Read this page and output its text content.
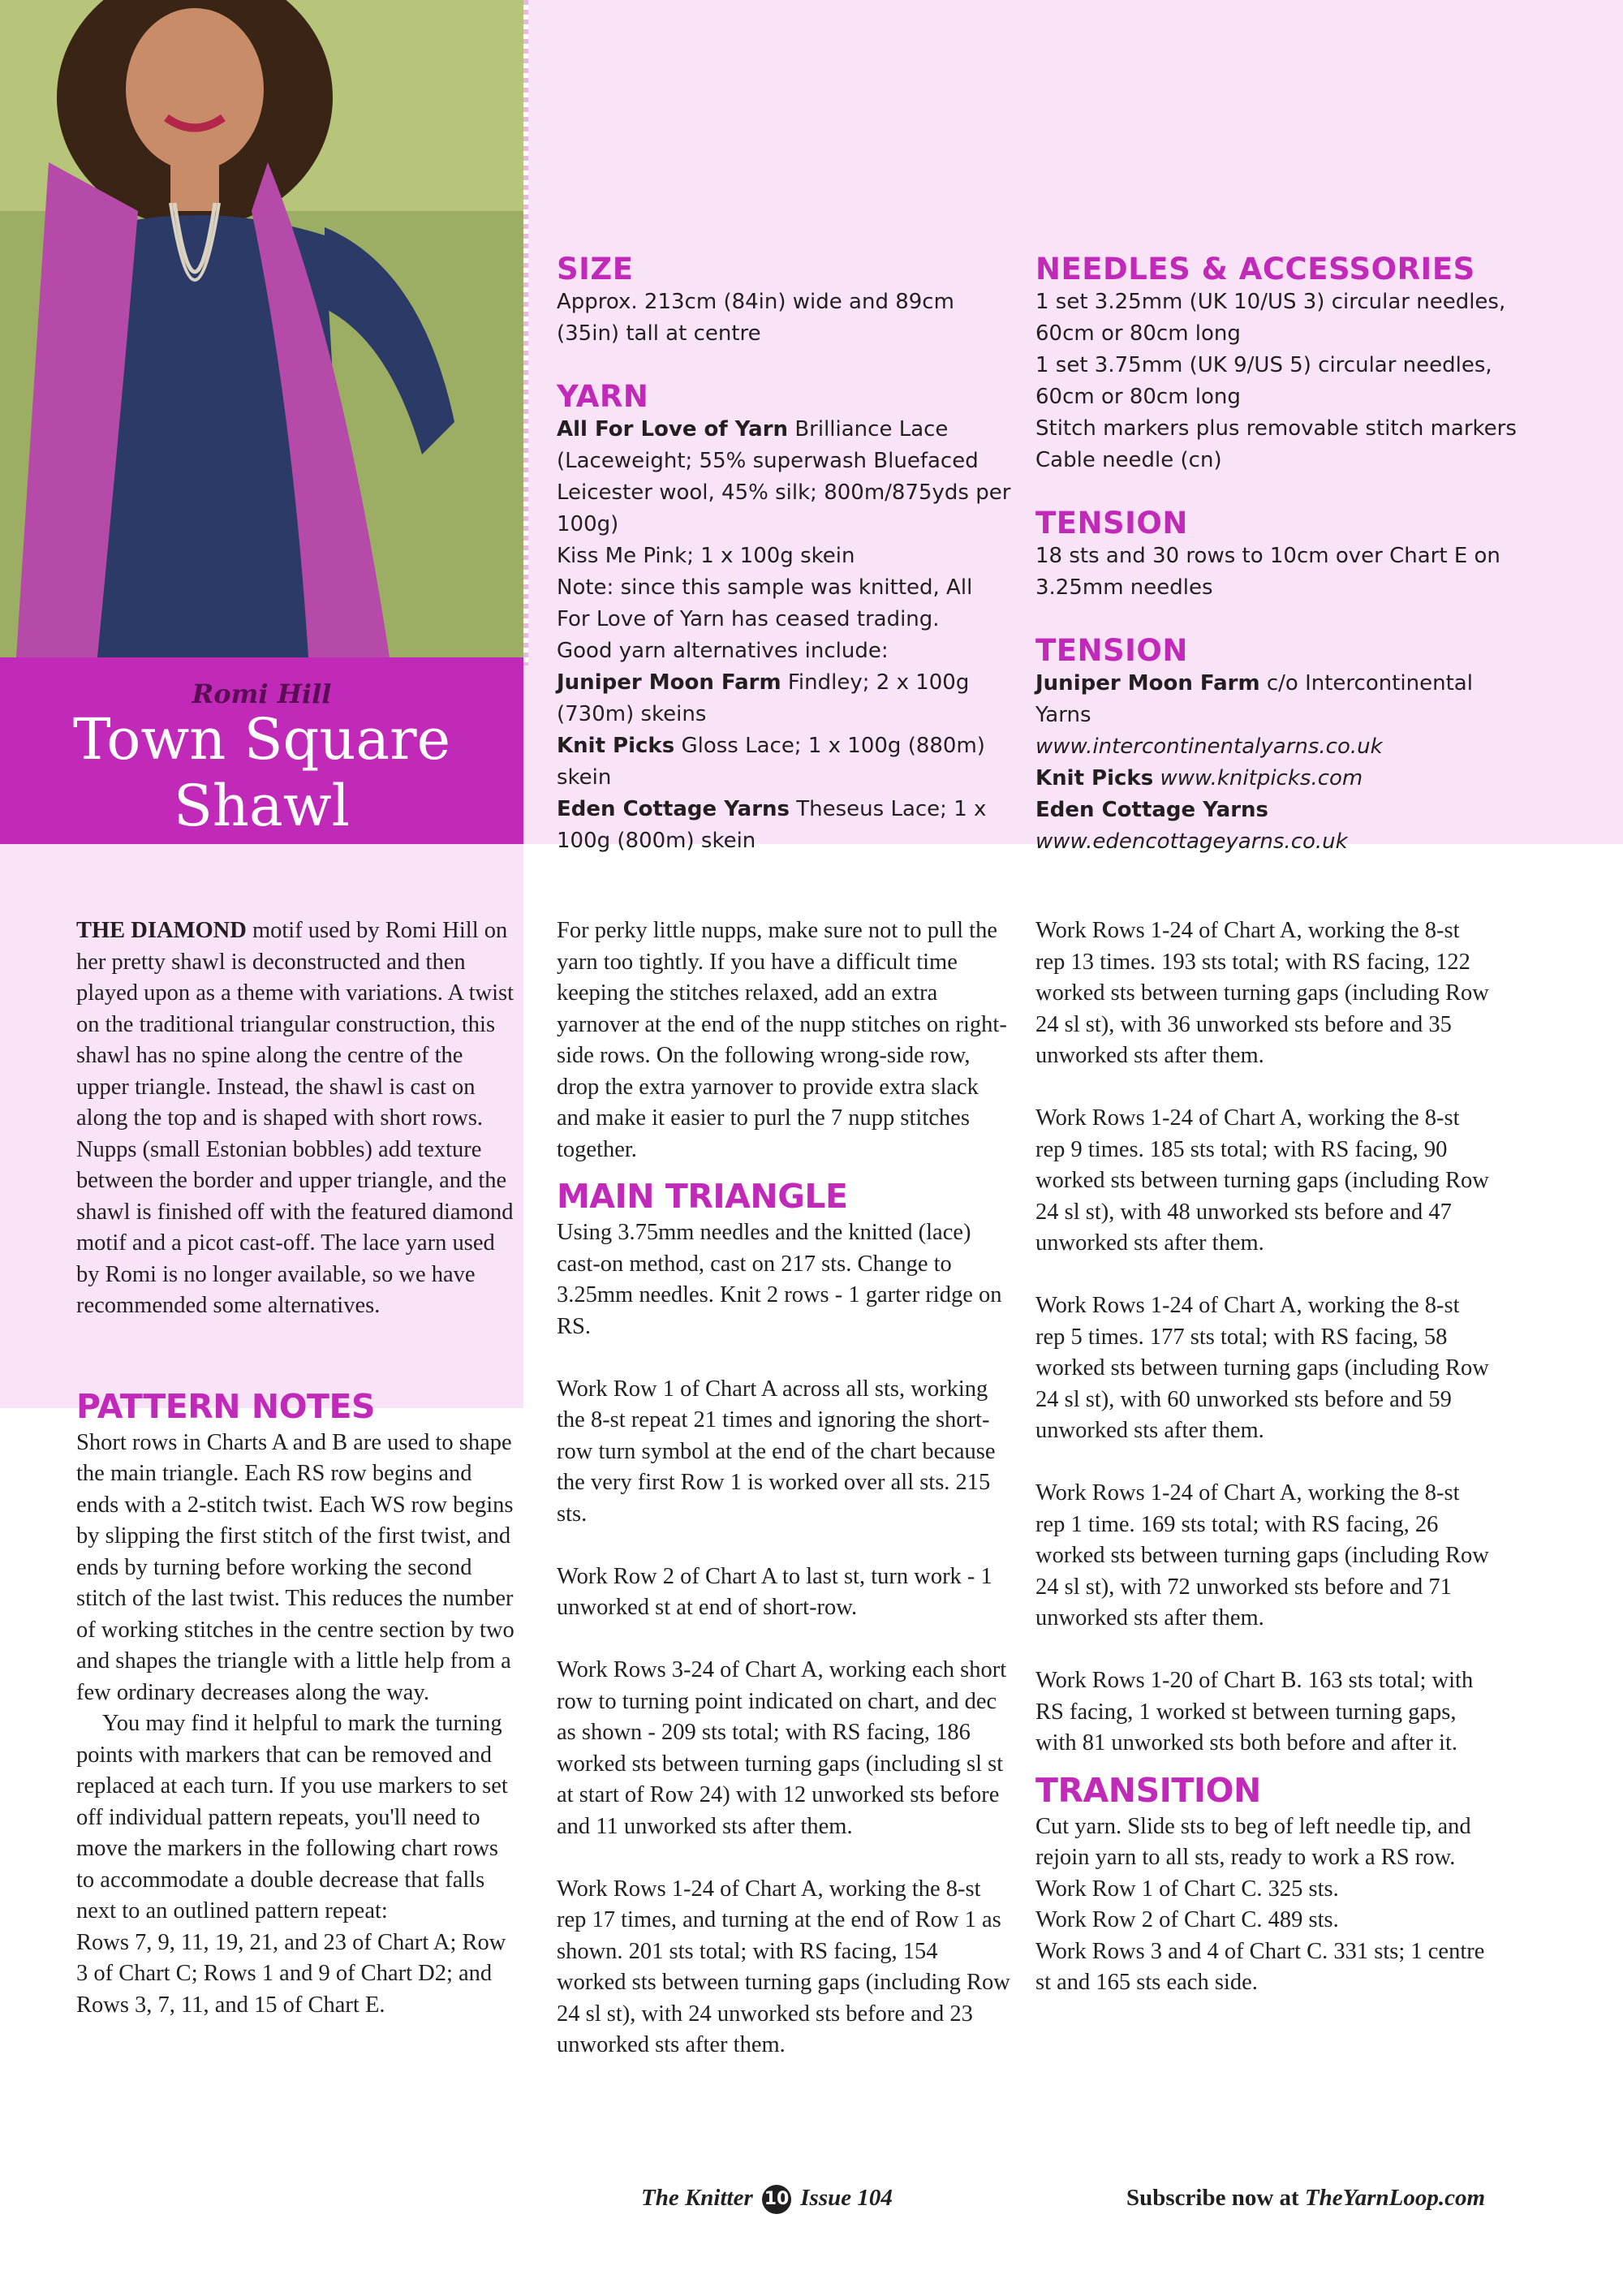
Romi Hill
Town Square
Shawl
SIZE

Approx. 213cm (84in) wide and 89cm (35in) tall at centre

YARN

All For Love of Yarn Brilliance Lace (Laceweight; 55% superwash Bluefaced Leicester wool, 45% silk; 800m/875yds per 100g)

Kiss Me Pink; 1 x 100g skein

Note: since this sample was knitted, All For Love of Yarn has ceased trading.

Good yarn alternatives include:

Juniper Moon Farm Findley; 2 x 100g (730m) skeins

Knit Picks Gloss Lace; 1 x 100g (880m) skein

Eden Cottage Yarns Theseus Lace; 1 x 100g (800m) skein

NEEDLES & ACCESSORIES

1 set 3.25mm (UK 10/US 3) circular needles, 60cm or 80cm long

1 set 3.75mm (UK 9/US 5) circular needles, 60cm or 80cm long

Stitch markers plus removable stitch markers

Cable needle (cn)

TENSION

18 sts and 30 rows to 10cm over Chart E on 3.25mm needles

TENSION

Juniper Moon Farm c/o Intercontinental Yarns
www.intercontinentalyarns.co.uk

Knit Picks www.knitpicks.com

Eden Cottage Yarns www.edencottageyarns.co.uk

THE DIAMOND motif used by Romi Hill on her pretty shawl is deconstructed and then played upon as a theme with variations. A twist on the traditional triangular construction, this shawl has no spine along the centre of the upper triangle. Instead, the shawl is cast on along the top and is shaped with short rows. Nupps (small Estonian bobbles) add texture between the border and upper triangle, and the shawl is finished off with the featured diamond motif and a picot cast-off. The lace yarn used by Romi is no longer available, so we have recommended some alternatives.

PATTERN NOTES

Short rows in Charts A and B are used to shape the main triangle. Each RS row begins and ends with a 2-stitch twist. Each WS row begins by slipping the first stitch of the first twist, and ends by turning before working the second stitch of the last twist. This reduces the number of working stitches in the centre section by two and shapes the triangle with a little help from a few ordinary decreases along the way.

You may find it helpful to mark the turning points with markers that can be removed and replaced at each turn. If you use markers to set off individual pattern repeats, you'll need to move the markers in the following chart rows to accommodate a double decrease that falls next to an outlined pattern repeat:

Rows 7, 9, 11, 19, 21, and 23 of Chart A; Row 3 of Chart C; Rows 1 and 9 of Chart D2; and Rows 3, 7, 11, and 15 of Chart E.

For perky little nupps, make sure not to pull the yarn too tightly. If you have a difficult time keeping the stitches relaxed, add an extra yarnover at the end of the nupp stitches on right-side rows. On the following wrong-side row, drop the extra yarnover to provide extra slack and make it easier to purl the 7 nupp stitches together.

MAIN TRIANGLE

Using 3.75mm needles and the knitted (lace) cast-on method, cast on 217 sts. Change to 3.25mm needles. Knit 2 rows - 1 garter ridge on RS.

Work Row 1 of Chart A across all sts, working the 8-st repeat 21 times and ignoring the short-row turn symbol at the end of the chart because the very first Row 1 is worked over all sts. 215 sts.

Work Row 2 of Chart A to last st, turn work - 1 unworked st at end of short-row.

Work Rows 3-24 of Chart A, working each short row to turning point indicated on chart, and dec as shown - 209 sts total; with RS facing, 186 worked sts between turning gaps (including sl st at start of Row 24) with 12 unworked sts before and 11 unworked sts after them.

Work Rows 1-24 of Chart A, working the 8-st rep 17 times, and turning at the end of Row 1 as shown. 201 sts total; with RS facing, 154 worked sts between turning gaps (including Row 24 sl st), with 24 unworked sts before and 23 unworked sts after them.

Work Rows 1-24 of Chart A, working the 8-st rep 13 times. 193 sts total; with RS facing, 122 worked sts between turning gaps (including Row 24 sl st), with 36 unworked sts before and 35 unworked sts after them.

Work Rows 1-24 of Chart A, working the 8-st rep 9 times. 185 sts total; with RS facing, 90 worked sts between turning gaps (including Row 24 sl st), with 48 unworked sts before and 47 unworked sts after them.

Work Rows 1-24 of Chart A, working the 8-st rep 5 times. 177 sts total; with RS facing, 58 worked sts between turning gaps (including Row 24 sl st), with 60 unworked sts before and 59 unworked sts after them.

Work Rows 1-24 of Chart A, working the 8-st rep 1 time. 169 sts total; with RS facing, 26 worked sts between turning gaps (including Row 24 sl st), with 72 unworked sts before and 71 unworked sts after them.

Work Rows 1-20 of Chart B. 163 sts total; with RS facing, 1 worked st between turning gaps, with 81 unworked sts both before and after it.

TRANSITION

Cut yarn. Slide sts to beg of left needle tip, and rejoin yarn to all sts, ready to work a RS row.

Work Row 1 of Chart C. 325 sts.

Work Row 2 of Chart C. 489 sts.

Work Rows 3 and 4 of Chart C. 331 sts; 1 centre st and 165 sts each side.

The Knitter 10 Issue 104	Subscribe now at TheYarnLoop.com
